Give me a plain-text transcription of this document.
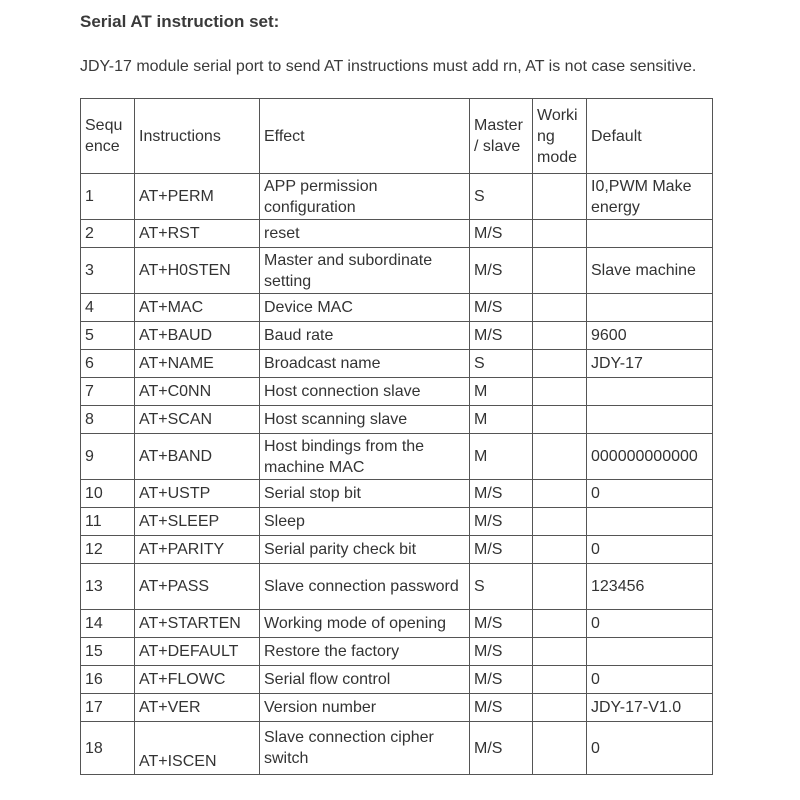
Serial AT instruction set:
JDY-17 module serial port to send AT instructions must add rn, AT is not case sensitive.
Sequ ence	Instructions	Effect	Master / slave	Worki ng mode	Default
1	AT+PERM	APP permission configuration	S		I0,PWM Make energy
2	AT+RST	reset	M/S		
3	AT+H0STEN	Master and subordinate setting	M/S		Slave machine
4	AT+MAC	Device MAC	M/S		
5	AT+BAUD	Baud rate	M/S		9600
6	AT+NAME	Broadcast name	S		JDY-17
7	AT+C0NN	Host connection slave	M		
8	AT+SCAN	Host scanning slave	M		
9	AT+BAND	Host bindings from the machine MAC	M		000000000000
10	AT+USTP	Serial stop bit	M/S		0
11	AT+SLEEP	Sleep	M/S		
12	AT+PARITY	Serial parity check bit	M/S		0
13	AT+PASS	Slave connection password	S		123456
14	AT+STARTEN	Working mode of opening	M/S		0
15	AT+DEFAULT	Restore the factory	M/S		
16	AT+FLOWC	Serial flow control	M/S		0
17	AT+VER	Version number	M/S		JDY-17-V1.0
18	AT+ISCEN	Slave connection cipher switch	M/S		0
